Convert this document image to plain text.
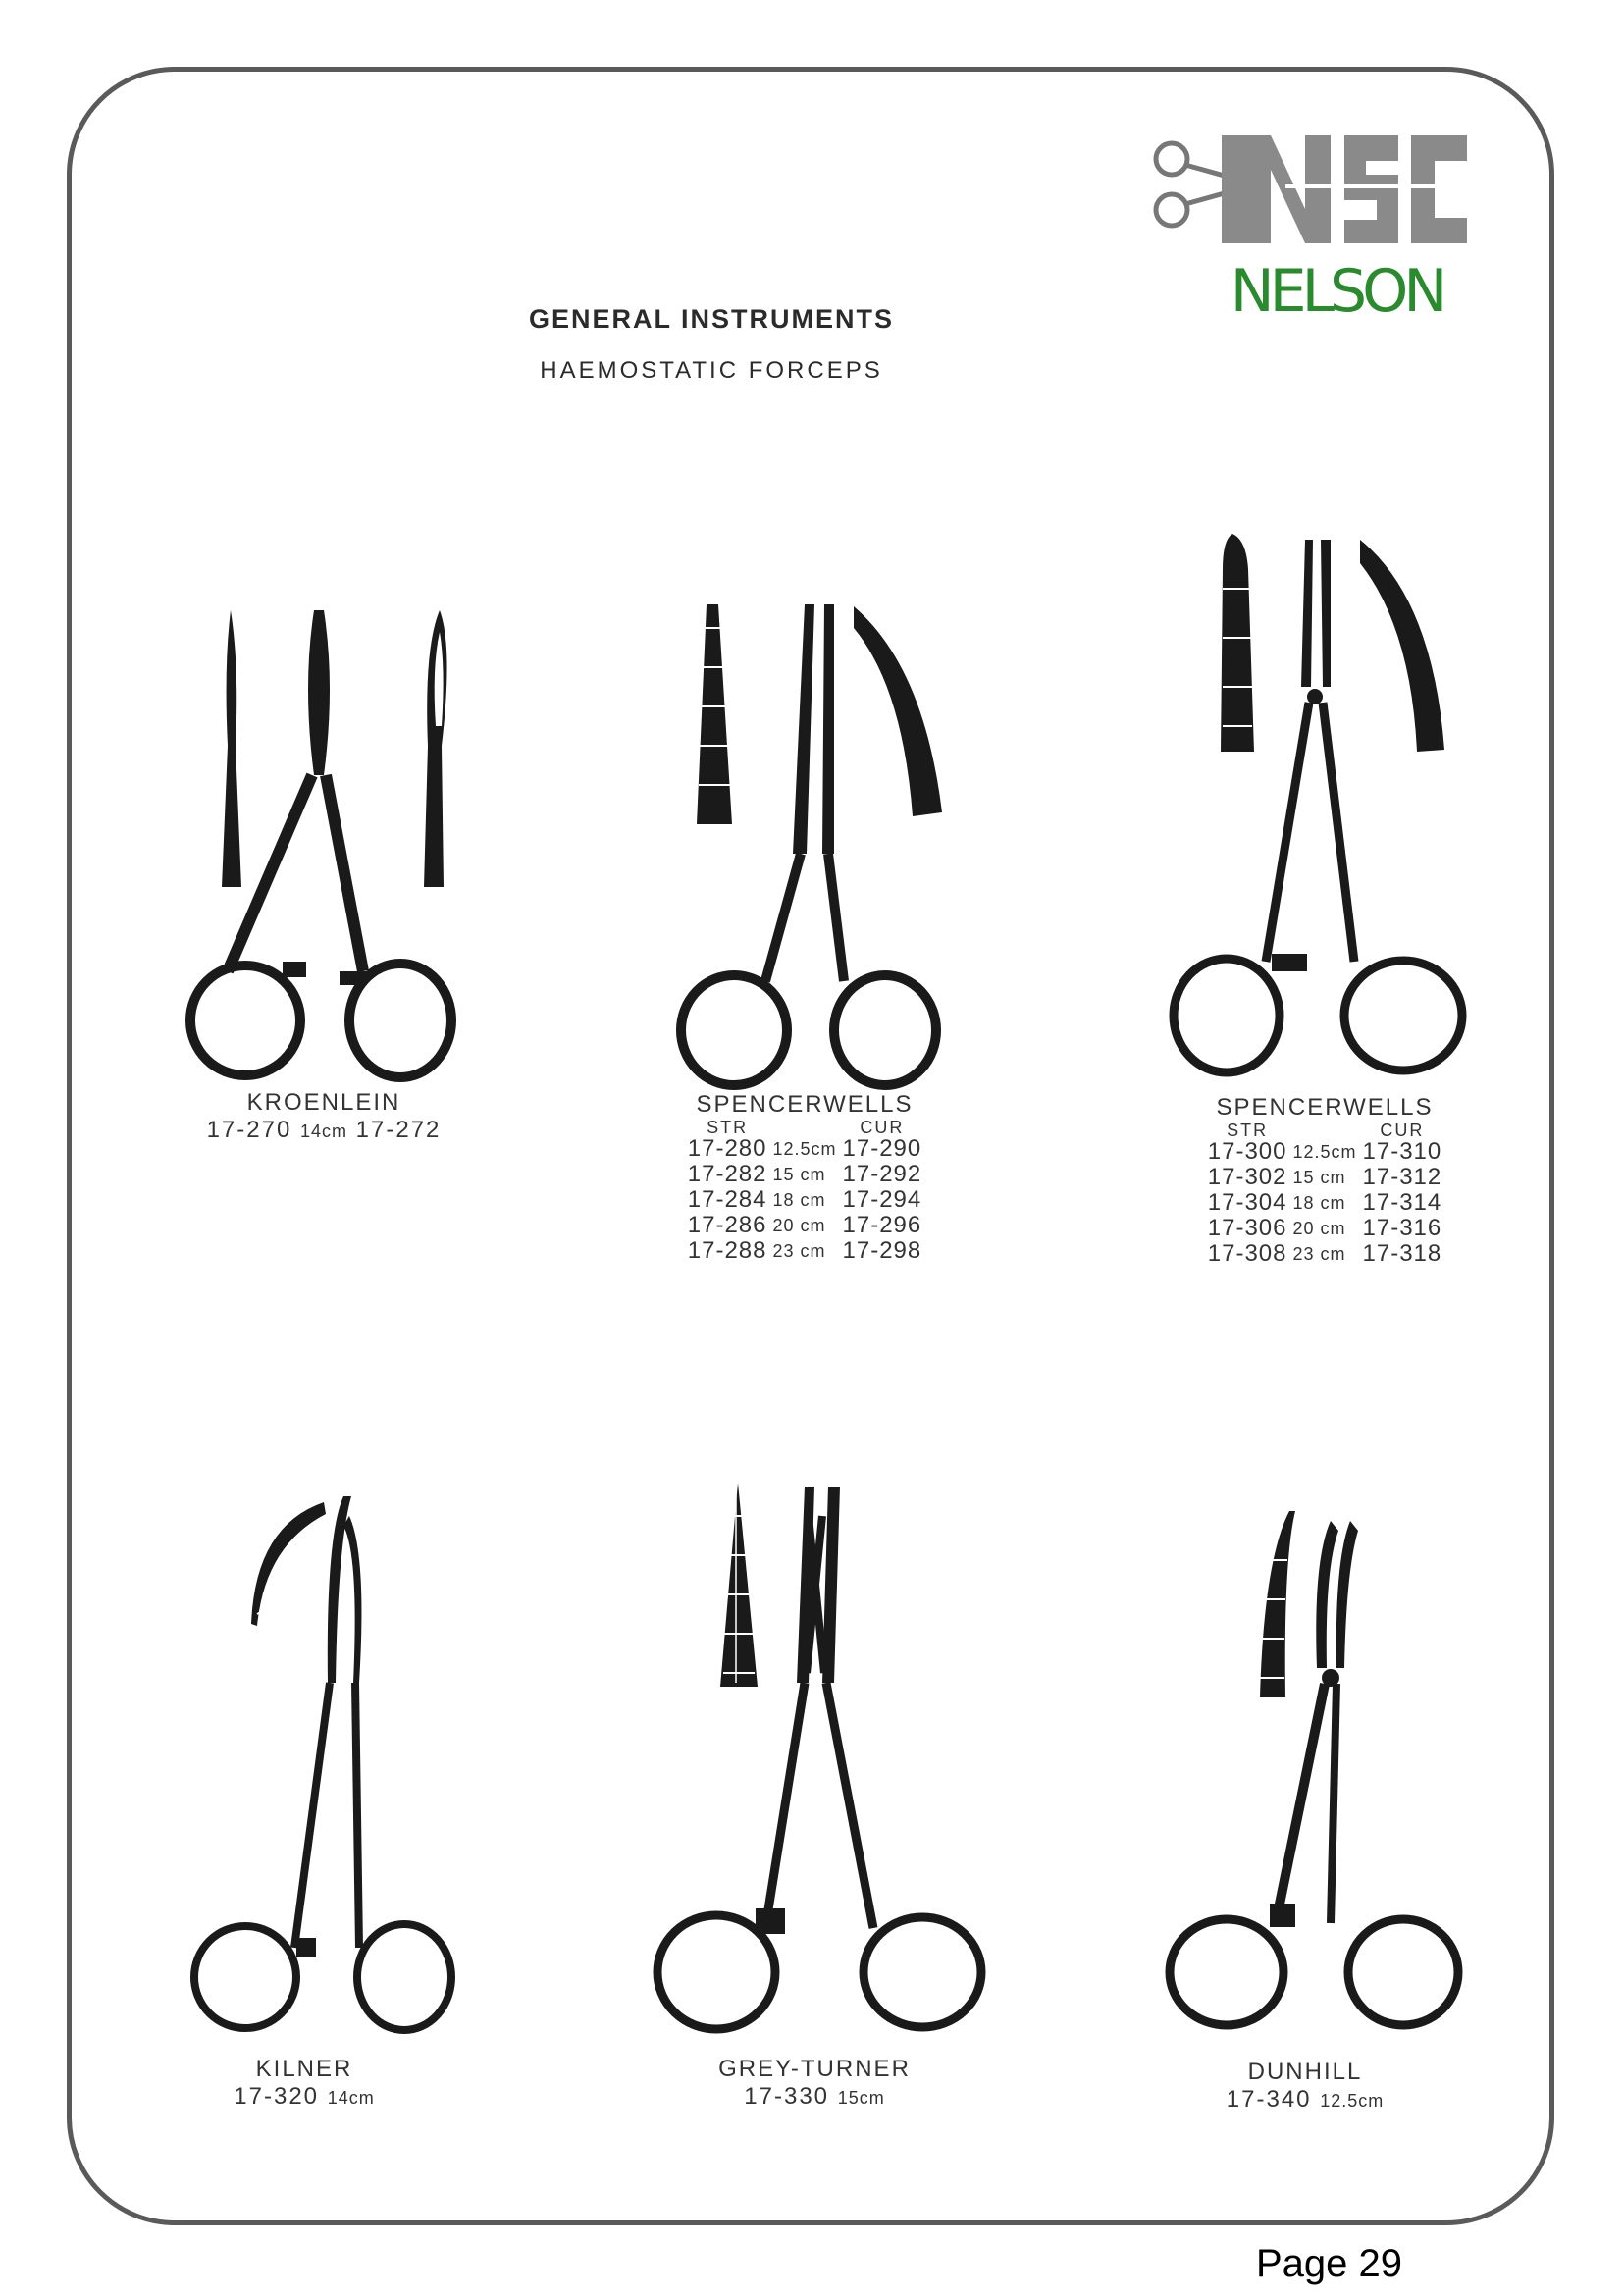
NELSON
GENERAL INSTRUMENTS
HAEMOSTATIC FORCEPS
KROENLEIN
17-270 14cm 17-272
SPENCERWELLS
STR		CUR
17-280	12.5cm	17-290
17-282	15 cm	17-292
17-284	18 cm	17-294
17-286	20 cm	17-296
17-288	23 cm	17-298
SPENCERWELLS
STR		CUR
17-300	12.5cm	17-310
17-302	15 cm	17-312
17-304	18 cm	17-314
17-306	20 cm	17-316
17-308	23 cm	17-318
KILNER
17-320 14cm
GREY-TURNER
17-330 15cm
DUNHILL
17-340 12.5cm
Page 29
